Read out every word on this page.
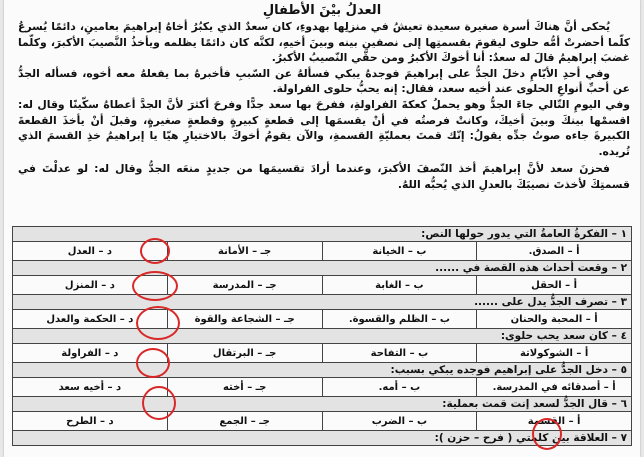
العدلُ بيْنَ الأطفالِ

يُحكى أنَّ هناكَ أسرة صغيرة سعيدة تعيشُ في منزلِها بهدوءِ، كان سعدٌ الذي يكبُرُ أخاهُ إبراهيمَ بعامينِ، دائمًا يُسرعُ كلّما أحضرتْ أمُّه حلوى ليقومَ بقسمتِها إلى نصفينِ بينه وبينَ أخيهِ، لكنَّه كان دائمًا يظلمه ويأخذُ النَّصيبَ الأكبرَ، وكلّما غضبَ إبراهيمُ قالَ له سعدٌ: أنا أخوكَ الأكبرُ ومن حقّي النّصيبُ الأكبرُ.

وفي أحدِ الأيّامِ دخلَ الجدُّ على إبراهيمَ فوجدهُ يبكي فسألهُ عن السّببِ فأخبرهُ بما يفعلهُ معه أخوه، فسأله الجدُّ عن أحبِّ أنواعِ الحلوى عند أخيه سعد، فقال: إنه يحبُّ حلوى الفراولة.

وفي اليومِ التّالي جاءَ الجدُّ وهو يحملُ كعكةَ الفراولةِ، ففرحَ بها سعد جدًّا وفرحَ أكثرَ لأنَّ الجدَّ أعطاهُ سكّينًا وقال له: اقسمْها بينكَ وبينَ أخيكَ، وكانتْ فرصتُه في أنْ يقسمَها إلى قطعةٍ كبيرةٍ وقطعةٍ صغيرةٍ، وقبلَ أنْ يأخذَ القطعةَ الكبيرةَ جاءه صوتُ جدِّه يقولُ: إنّك قمتَ بعمليّةِ القسمةِ، والآن يقومُ أخوكَ بالاختيارِ هيّا يا إبراهيمُ خذِ القسمَ الذي تُريده.

فحزنَ سعد لأنَّ إبراهيمَ أخذ النّصفَ الأكبرَ، وعندما أرادَ تقسيمَها من جديدٍ منعَه الجدُّ وقال له: لو عدلْتَ في قسمتِكَ لأخذتَ نصيبَكَ بالعدلِ الذي يُحبُّه اللهُ.

١ – الفكرةُ العامةُ التي يدور حولها النص:			
أ – الصدق.	ب – الخيانة	جـ – الأمانة	د – العدل
٢ – وقعت أحداث هذه القصة في ......			
أ – الحقل	ب – الغابة	جـ – المدرسة	د – المنزل
٣ – تصرف الجدُّ يدل على ......			
أ – المحبة والحنان	ب – الظلم والقسوة.	جـ – الشجاعة والقوة	د – الحكمة والعدل
٤ – كان سعد يحب حلوى:			
أ – الشوكولاتة	ب – التفاحة	جـ – البرتقال	د – الفراولة
٥ – دخل الجدُّ على إبراهيم فوجده يبكي بسبب:			
أ – أصدقائه في المدرسة.	ب – أمه.	جـ – أخته	د – أخيه سعد
٦ – قال الجدُّ لسعد إنت قمت بعملية:			
أ – القسمة	ب – الضرب	جـ – الجمع	د – الطرح
٧ – العلاقة بين كلمتي ( فرح – حزن ):			
